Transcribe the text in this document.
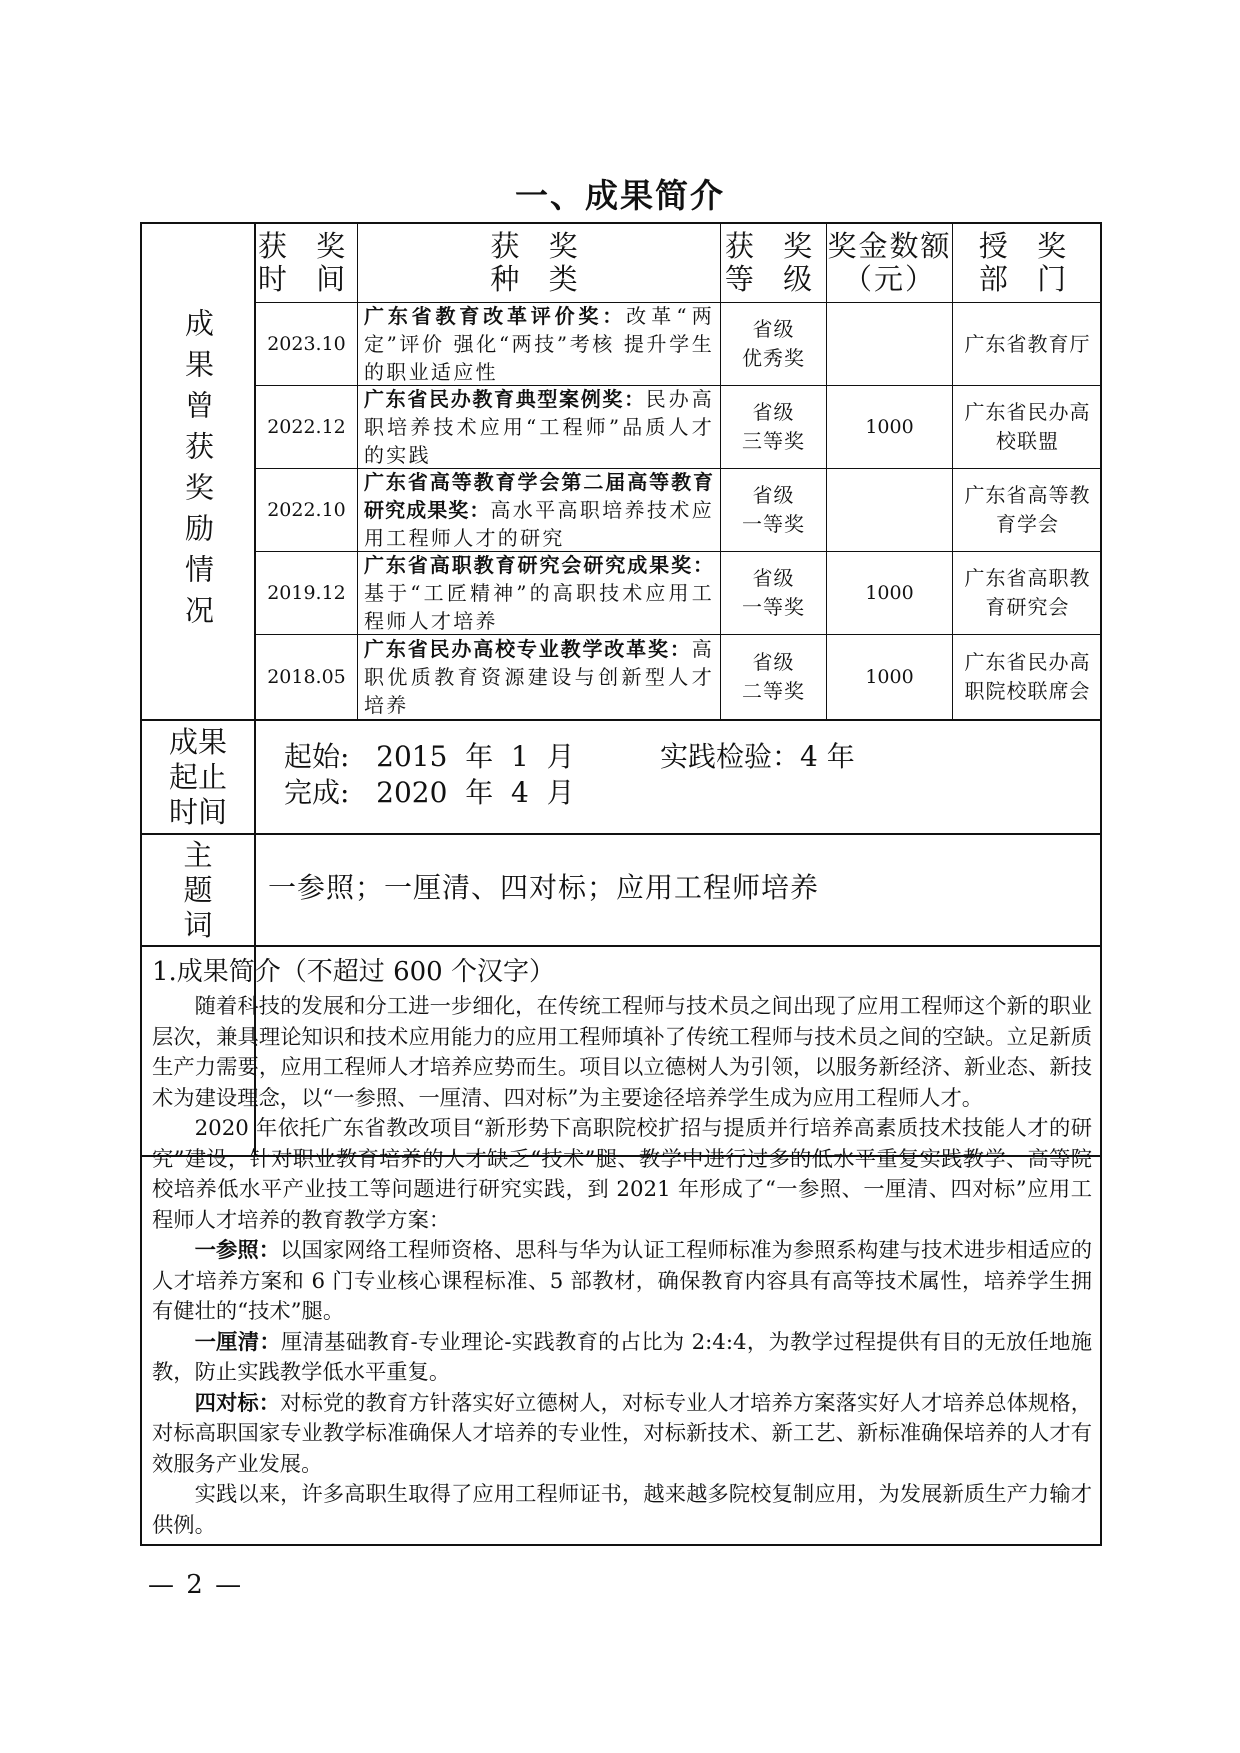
一、成果简介
成果曾获奖励情况
获 奖
时 间
获 奖
种 类
获 奖
等 级
奖金数额
（元）
授 奖
部 门
2023.10
广东省教育改革评价奖：改革“两定”评价 强化“两技”考核 提升学生的职业适应性
省级
优秀奖
广东省教育厅
2022.12
广东省民办教育典型案例奖：民办高职培养技术应用“工程师”品质人才的实践
省级
三等奖
1000
广东省民办高校联盟
2022.10
广东省高等教育学会第二届高等教育研究成果奖：高水平高职培养技术应用工程师人才的研究
省级
一等奖
广东省高等教育学会
2019.12
广东省高职教育研究会研究成果奖：基于“工匠精神”的高职技术应用工程师人才培养
省级
一等奖
1000
广东省高职教育研究会
2018.05
广东省民办高校专业教学改革奖：高职优质教育资源建设与创新型人才培养
省级
二等奖
1000
广东省民办高职院校联席会
成果
起止
时间
主
题
词
起始:   2015  年  1  月	实践检验：4 年
完成:   2020  年  4  月
一参照；一厘清、四对标；应用工程师培养
1.成果简介（不超过 600 个汉字）

随着科技的发展和分工进一步细化，在传统工程师与技术员之间出现了应用工程师这个新的职业层次，兼具理论知识和技术应用能力的应用工程师填补了传统工程师与技术员之间的空缺。立足新质生产力需要，应用工程师人才培养应势而生。项目以立德树人为引领，以服务新经济、新业态、新技术为建设理念，以“一参照、一厘清、四对标”为主要途径培养学生成为应用工程师人才。

2020 年依托广东省教改项目“新形势下高职院校扩招与提质并行培养高素质技术技能人才的研究”建设，针对职业教育培养的人才缺乏“技术”腿、教学中进行过多的低水平重复实践教学、高等院校培养低水平产业技工等问题进行研究实践，到 2021 年形成了“一参照、一厘清、四对标”应用工程师人才培养的教育教学方案：

一参照：以国家网络工程师资格、思科与华为认证工程师标准为参照系构建与技术进步相适应的人才培养方案和 6 门专业核心课程标准、5 部教材，确保教育内容具有高等技术属性，培养学生拥有健壮的“技术”腿。

一厘清：厘清基础教育-专业理论-实践教育的占比为 2:4:4，为教学过程提供有目的无放任地施教，防止实践教学低水平重复。

四对标：对标党的教育方针落实好立德树人，对标专业人才培养方案落实好人才培养总体规格，对标高职国家专业教学标准确保人才培养的专业性，对标新技术、新工艺、新标准确保培养的人才有效服务产业发展。

实践以来，许多高职生取得了应用工程师证书，越来越多院校复制应用，为发展新质生产力输才供例。

— 2 —
